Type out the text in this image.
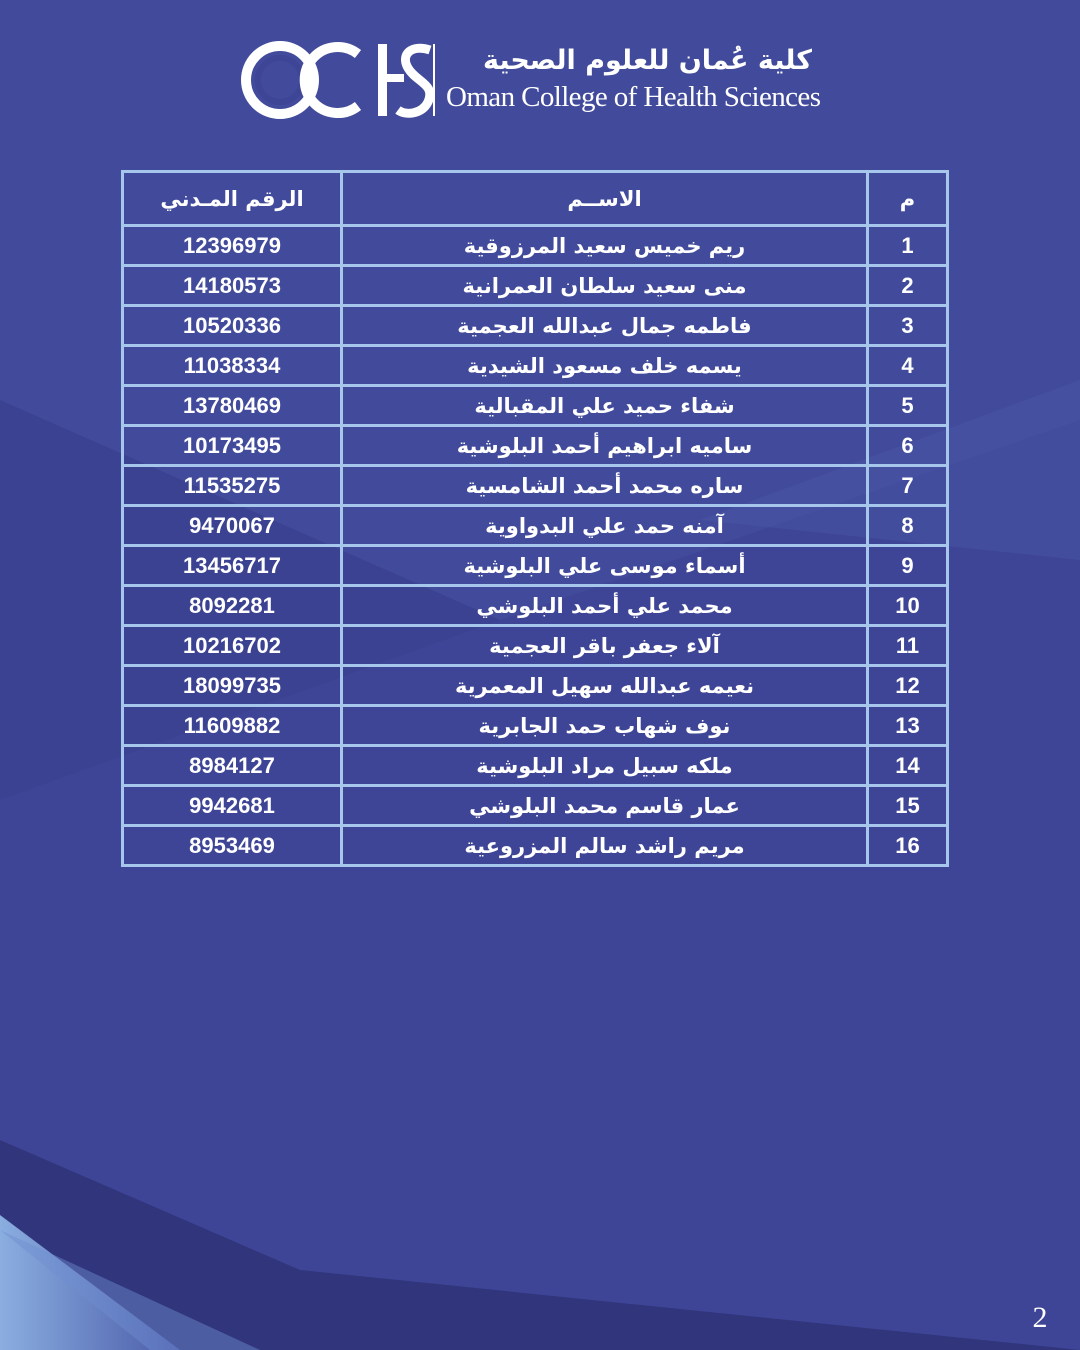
كلية عُمان للعلوم الصحية
Oman College of Health Sciences
م	الاســم	الرقم المـدني
1	ريم خميس سعيد المرزوقية	12396979
2	منى سعيد سلطان العمرانية	14180573
3	فاطمه جمال عبدالله العجمية	10520336
4	يسمه خلف مسعود الشيدية	11038334
5	شفاء حميد علي المقبالية	13780469
6	ساميه ابراهيم أحمد البلوشية	10173495
7	ساره محمد أحمد الشامسية	11535275
8	آمنه حمد علي البدواوية	9470067
9	أسماء موسى علي البلوشية	13456717
10	محمد علي أحمد البلوشي	8092281
11	آلاء جعفر باقر العجمية	10216702
12	نعيمه عبدالله سهيل المعمرية	18099735
13	نوف شهاب حمد الجابرية	11609882
14	ملكه سبيل مراد البلوشية	8984127
15	عمار قاسم محمد البلوشي	9942681
16	مريم راشد سالم المزروعية	8953469
2
